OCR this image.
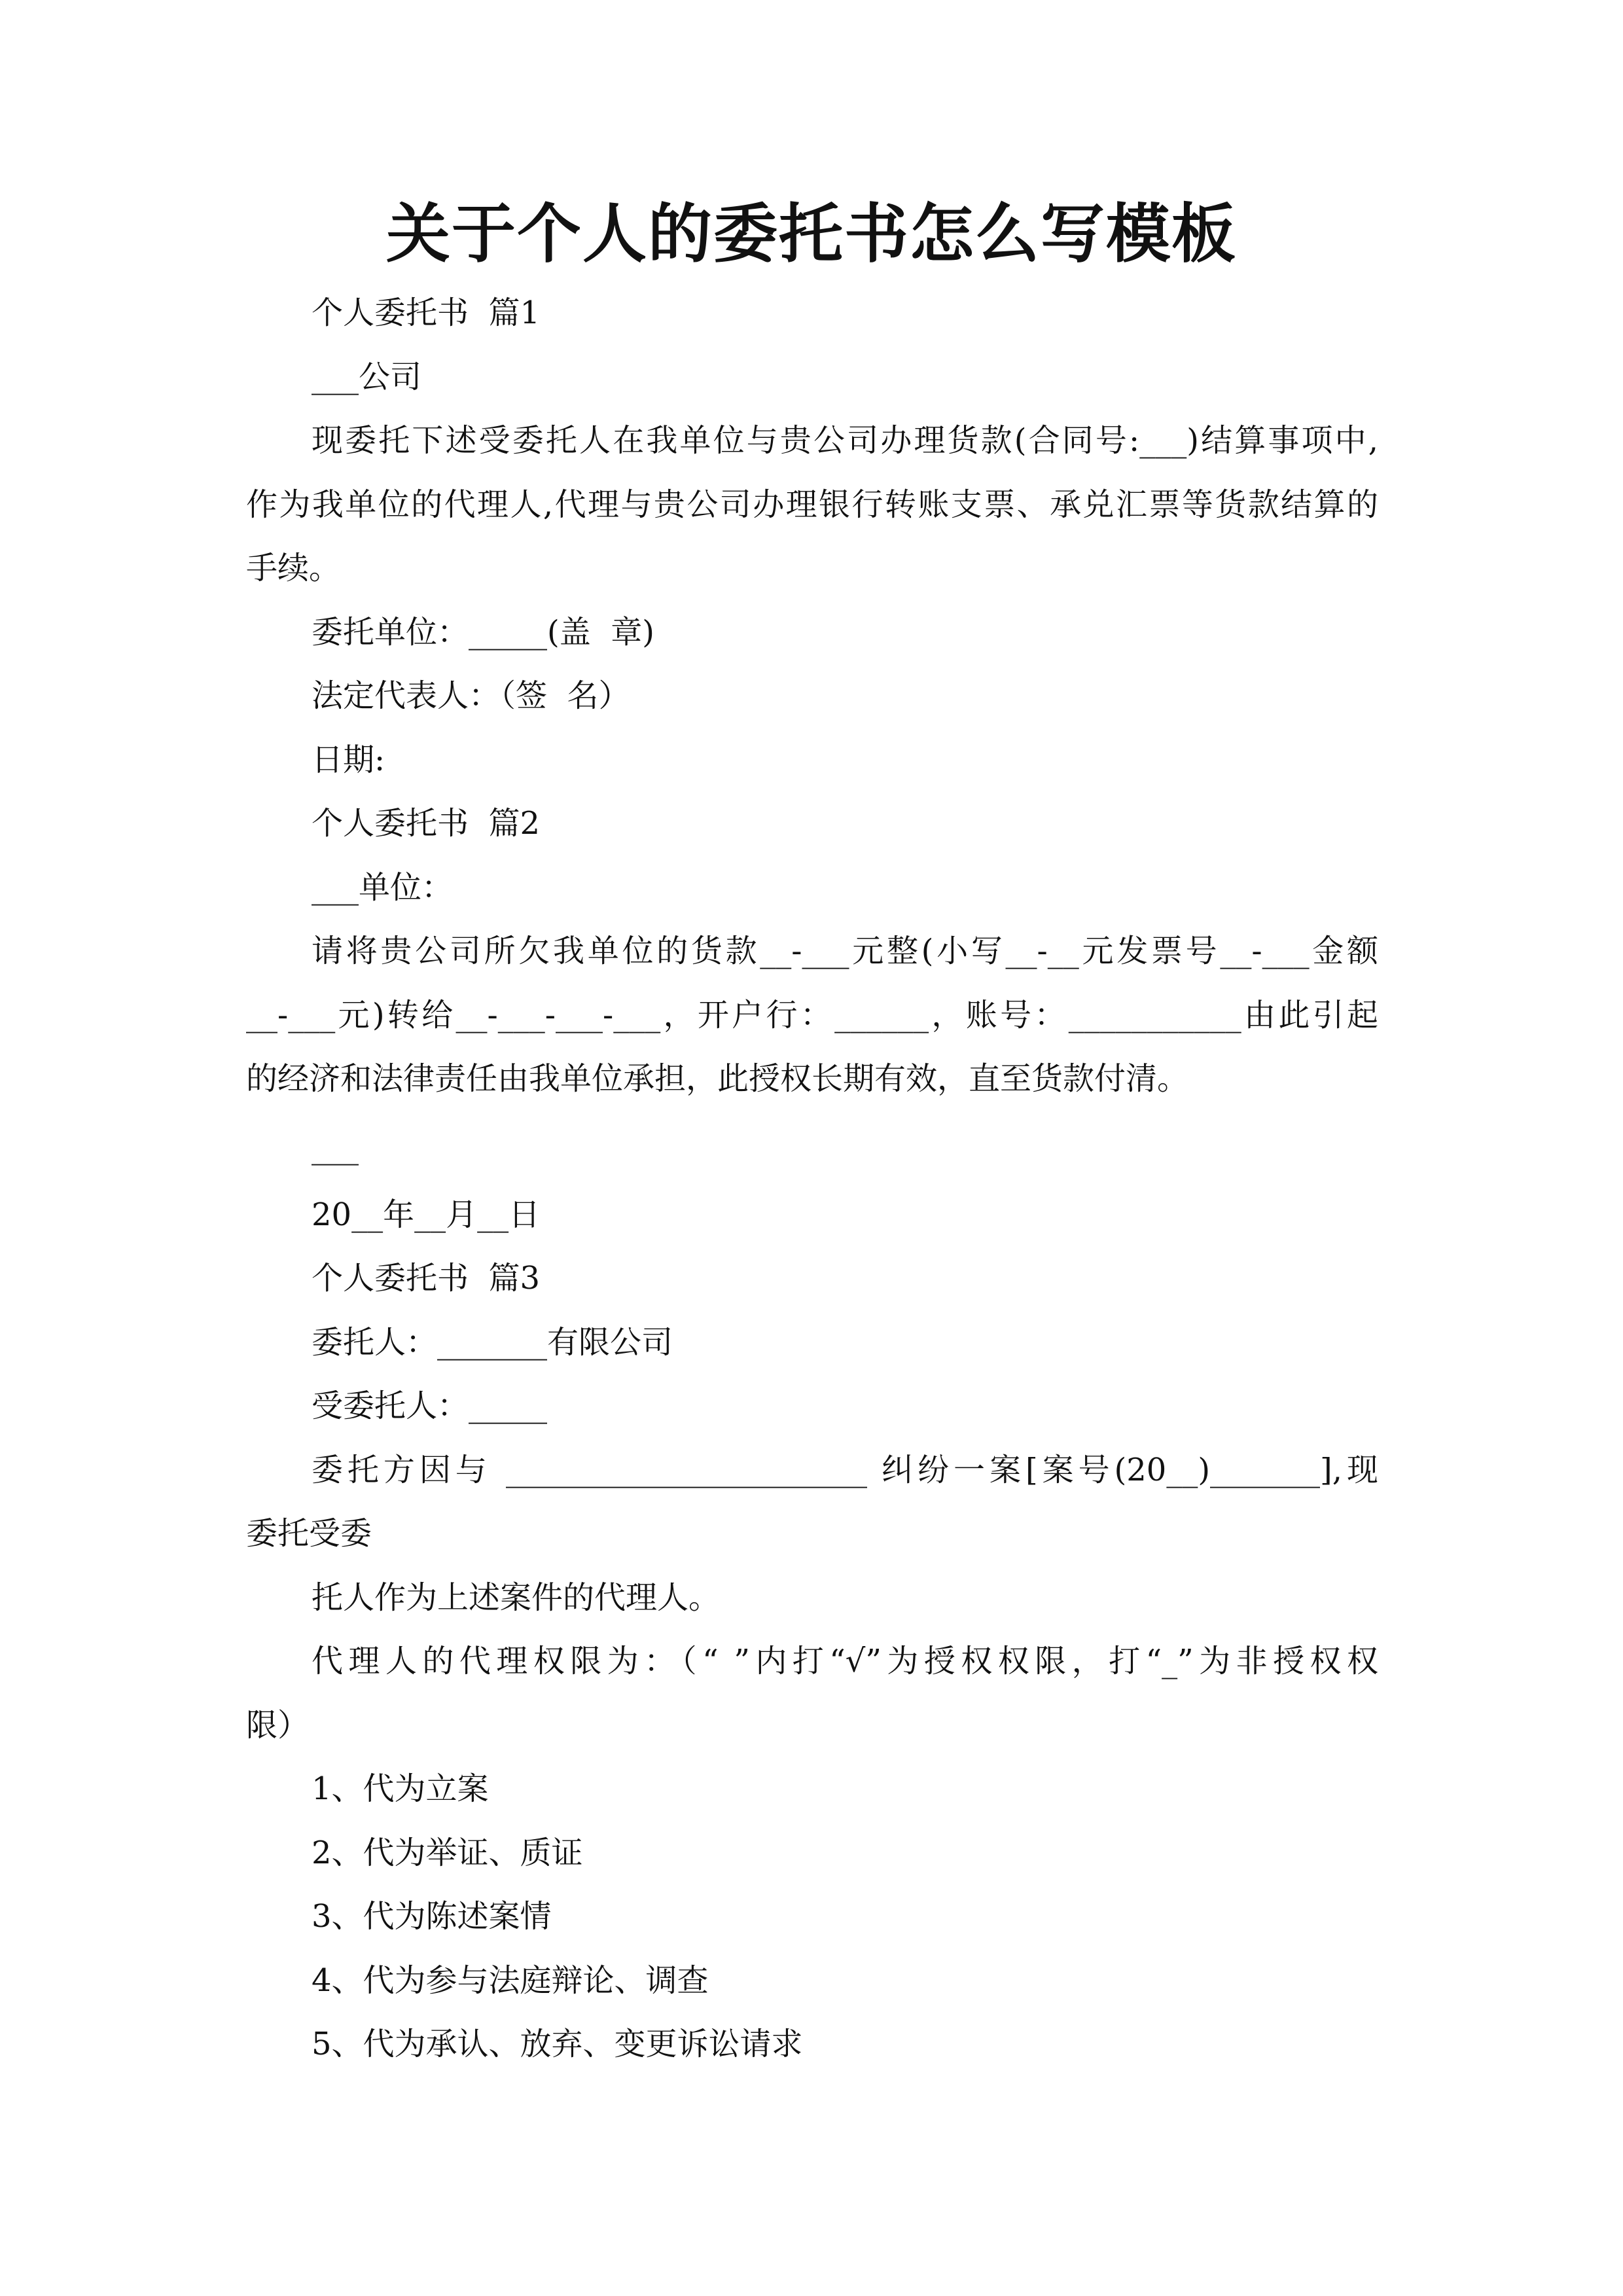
关于个人的委托书怎么写模板
个人委托书  篇1
___公司
现委托下述受委托人在我单位与贵公司办理货款(合同号:___)结算事项中,
作为我单位的代理人,代理与贵公司办理银行转账支票、承兑汇票等货款结算的
手续。
委托单位：_____(盖  章)
法定代表人：（签  名）
日期:
个人委托书  篇2
___单位：
请将贵公司所欠我单位的货款__-___元整(小写__-__元发票号__-___金额
__-___元)转给__-___-___-___，开户行：______，账号：___________由此引起
的经济和法律责任由我单位承担，此授权长期有效，直至货款付清。
___
20__年__月__日
个人委托书  篇3
委托人：_______有限公司
受委托人：_____
委托方因与 _______________________ 纠纷一案[案号(20__)_______],现
委托受委
托人作为上述案件的代理人。
代理人的代理权限为：（“ ”内打“√”为授权权限，打“_”为非授权权
限）
1、代为立案
2、代为举证、质证
3、代为陈述案情
4、代为参与法庭辩论、调查
5、代为承认、放弃、变更诉讼请求
